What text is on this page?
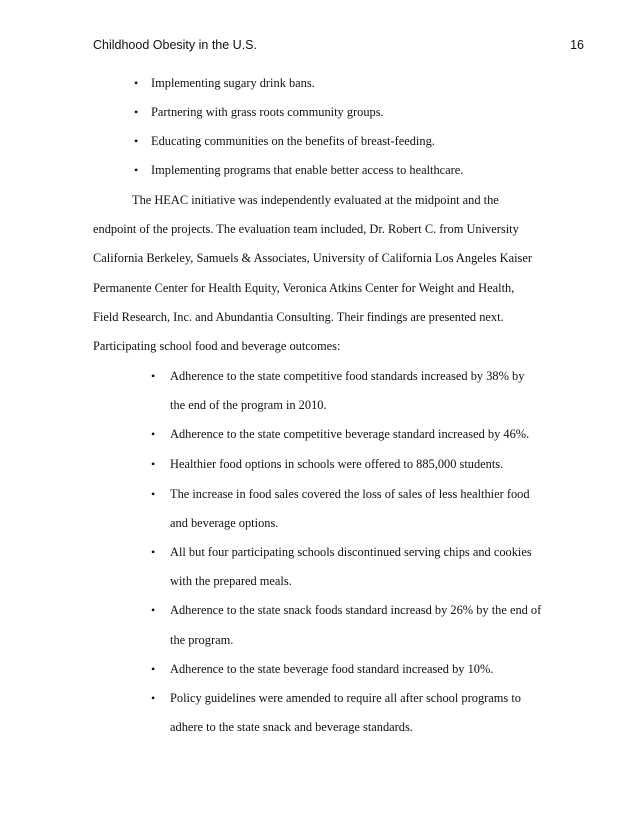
Childhood Obesity in the U.S.	16
• Implementing sugary drink bans.
• Partnering with grass roots community groups.
• Educating communities on the benefits of breast-feeding.
• Implementing programs that enable better access to healthcare.
The HEAC initiative was independently evaluated at the midpoint and the
endpoint of the projects. The evaluation team included, Dr. Robert C. from University
California Berkeley, Samuels & Associates, University of California Los Angeles Kaiser
Permanente Center for Health Equity, Veronica Atkins Center for Weight and Health,
Field Research, Inc. and Abundantia Consulting. Their findings are presented next.
Participating school food and beverage outcomes:
• Adherence to the state competitive food standards increased by 38% by
the end of the program in 2010.
• Adherence to the state competitive beverage standard increased by 46%.
• Healthier food options in schools were offered to 885,000 students.
• The increase in food sales covered the loss of sales of less healthier food
and beverage options.
• All but four participating schools discontinued serving chips and cookies
with the prepared meals.
• Adherence to the state snack foods standard increasd by 26% by the end of
the program.
• Adherence to the state beverage food standard increased by 10%.
• Policy guidelines were amended to require all after school programs to
adhere to the state snack and beverage standards.
